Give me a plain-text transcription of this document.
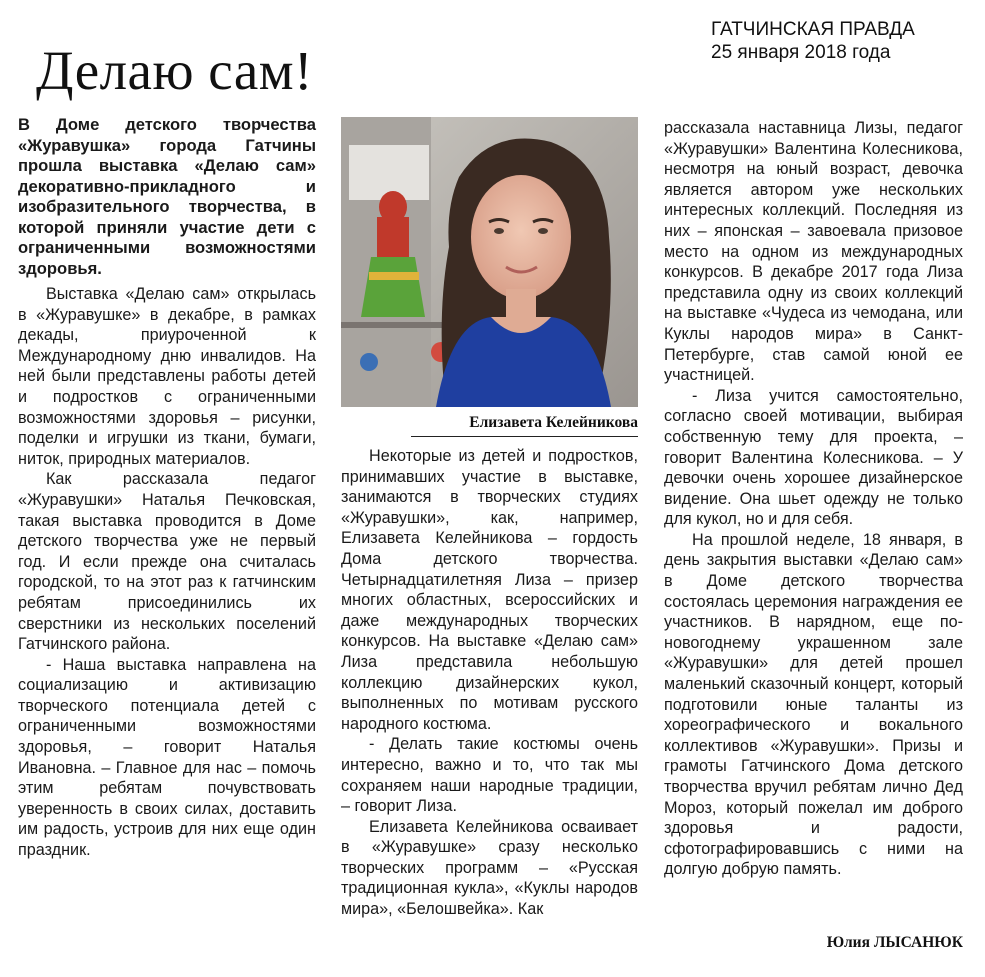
ГАТЧИНСКАЯ ПРАВДА
25 января 2018 года
Делаю сам!
В Доме детского творчества «Журавушка» города Гатчины прошла выставка «Делаю сам» декоративно-прикладного и изобразительного творчества, в которой приняли участие дети с ограниченными возможностями здоровья.

Выставка «Делаю сам» открылась в «Журавушке» в декабре, в рамках декады, приуроченной к Международному дню инвалидов. На ней были представлены работы детей и подростков с ограниченными возможностями здоровья – рисунки, поделки и игрушки из ткани, бумаги, ниток, природных материалов.

Как рассказала педагог «Журавушки» Наталья Печковская, такая выставка проводится в Доме детского творчества уже не первый год. И если прежде она считалась городской, то на этот раз к гатчинским ребятам присоединились их сверстники из нескольких поселений Гатчинского района.

- Наша выставка направлена на социализацию и активизацию творческого потенциала детей с ограниченными возможностями здоровья, – говорит Наталья Ивановна. – Главное для нас – помочь этим ребятам почувствовать уверенность в своих силах, доставить им радость, устроив для них еще один праздник.

Елизавета Келейникова

Некоторые из детей и подростков, принимавших участие в выставке, занимаются в творческих студиях «Журавушки», как, например, Елизавета Келейникова – гордость Дома детского творчества. Четырнадцатилетняя Лиза – призер многих областных, всероссийских и даже международных творческих конкурсов. На выставке «Делаю сам» Лиза представила небольшую коллекцию дизайнерских кукол, выполненных по мотивам русского народного костюма.

- Делать такие костюмы очень интересно, важно и то, что так мы сохраняем наши народные традиции, – говорит Лиза.

Елизавета Келейникова осваивает в «Журавушке» сразу несколько творческих программ – «Русская традиционная кукла», «Куклы народов мира», «Белошвейка». Как

рассказала наставница Лизы, педагог «Журавушки» Валентина Колесникова, несмотря на юный возраст, девочка является автором уже нескольких интересных коллекций. Последняя из них – японская – завоевала призовое место на одном из международных конкурсов. В декабре 2017 года Лиза представила одну из своих коллекций на выставке «Чудеса из чемодана, или Куклы народов мира» в Санкт-Петербурге, став самой юной ее участницей.

- Лиза учится самостоятельно, согласно своей мотивации, выбирая собственную тему для проекта, – говорит Валентина Колесникова. – У девочки очень хорошее дизайнерское видение. Она шьет одежду не только для кукол, но и для себя.

На прошлой неделе, 18 января, в день закрытия выставки «Делаю сам» в Доме детского творчества состоялась церемония награждения ее участников. В нарядном, еще по-новогоднему украшенном зале «Журавушки» для детей прошел маленький сказочный концерт, который подготовили юные таланты из хореографического и вокального коллективов «Журавушки». Призы и грамоты Гатчинского Дома детского творчества вручил ребятам лично Дед Мороз, который пожелал им доброго здоровья и радости, сфотографировавшись с ними на долгую добрую память.

Юлия ЛЫСАНЮК
